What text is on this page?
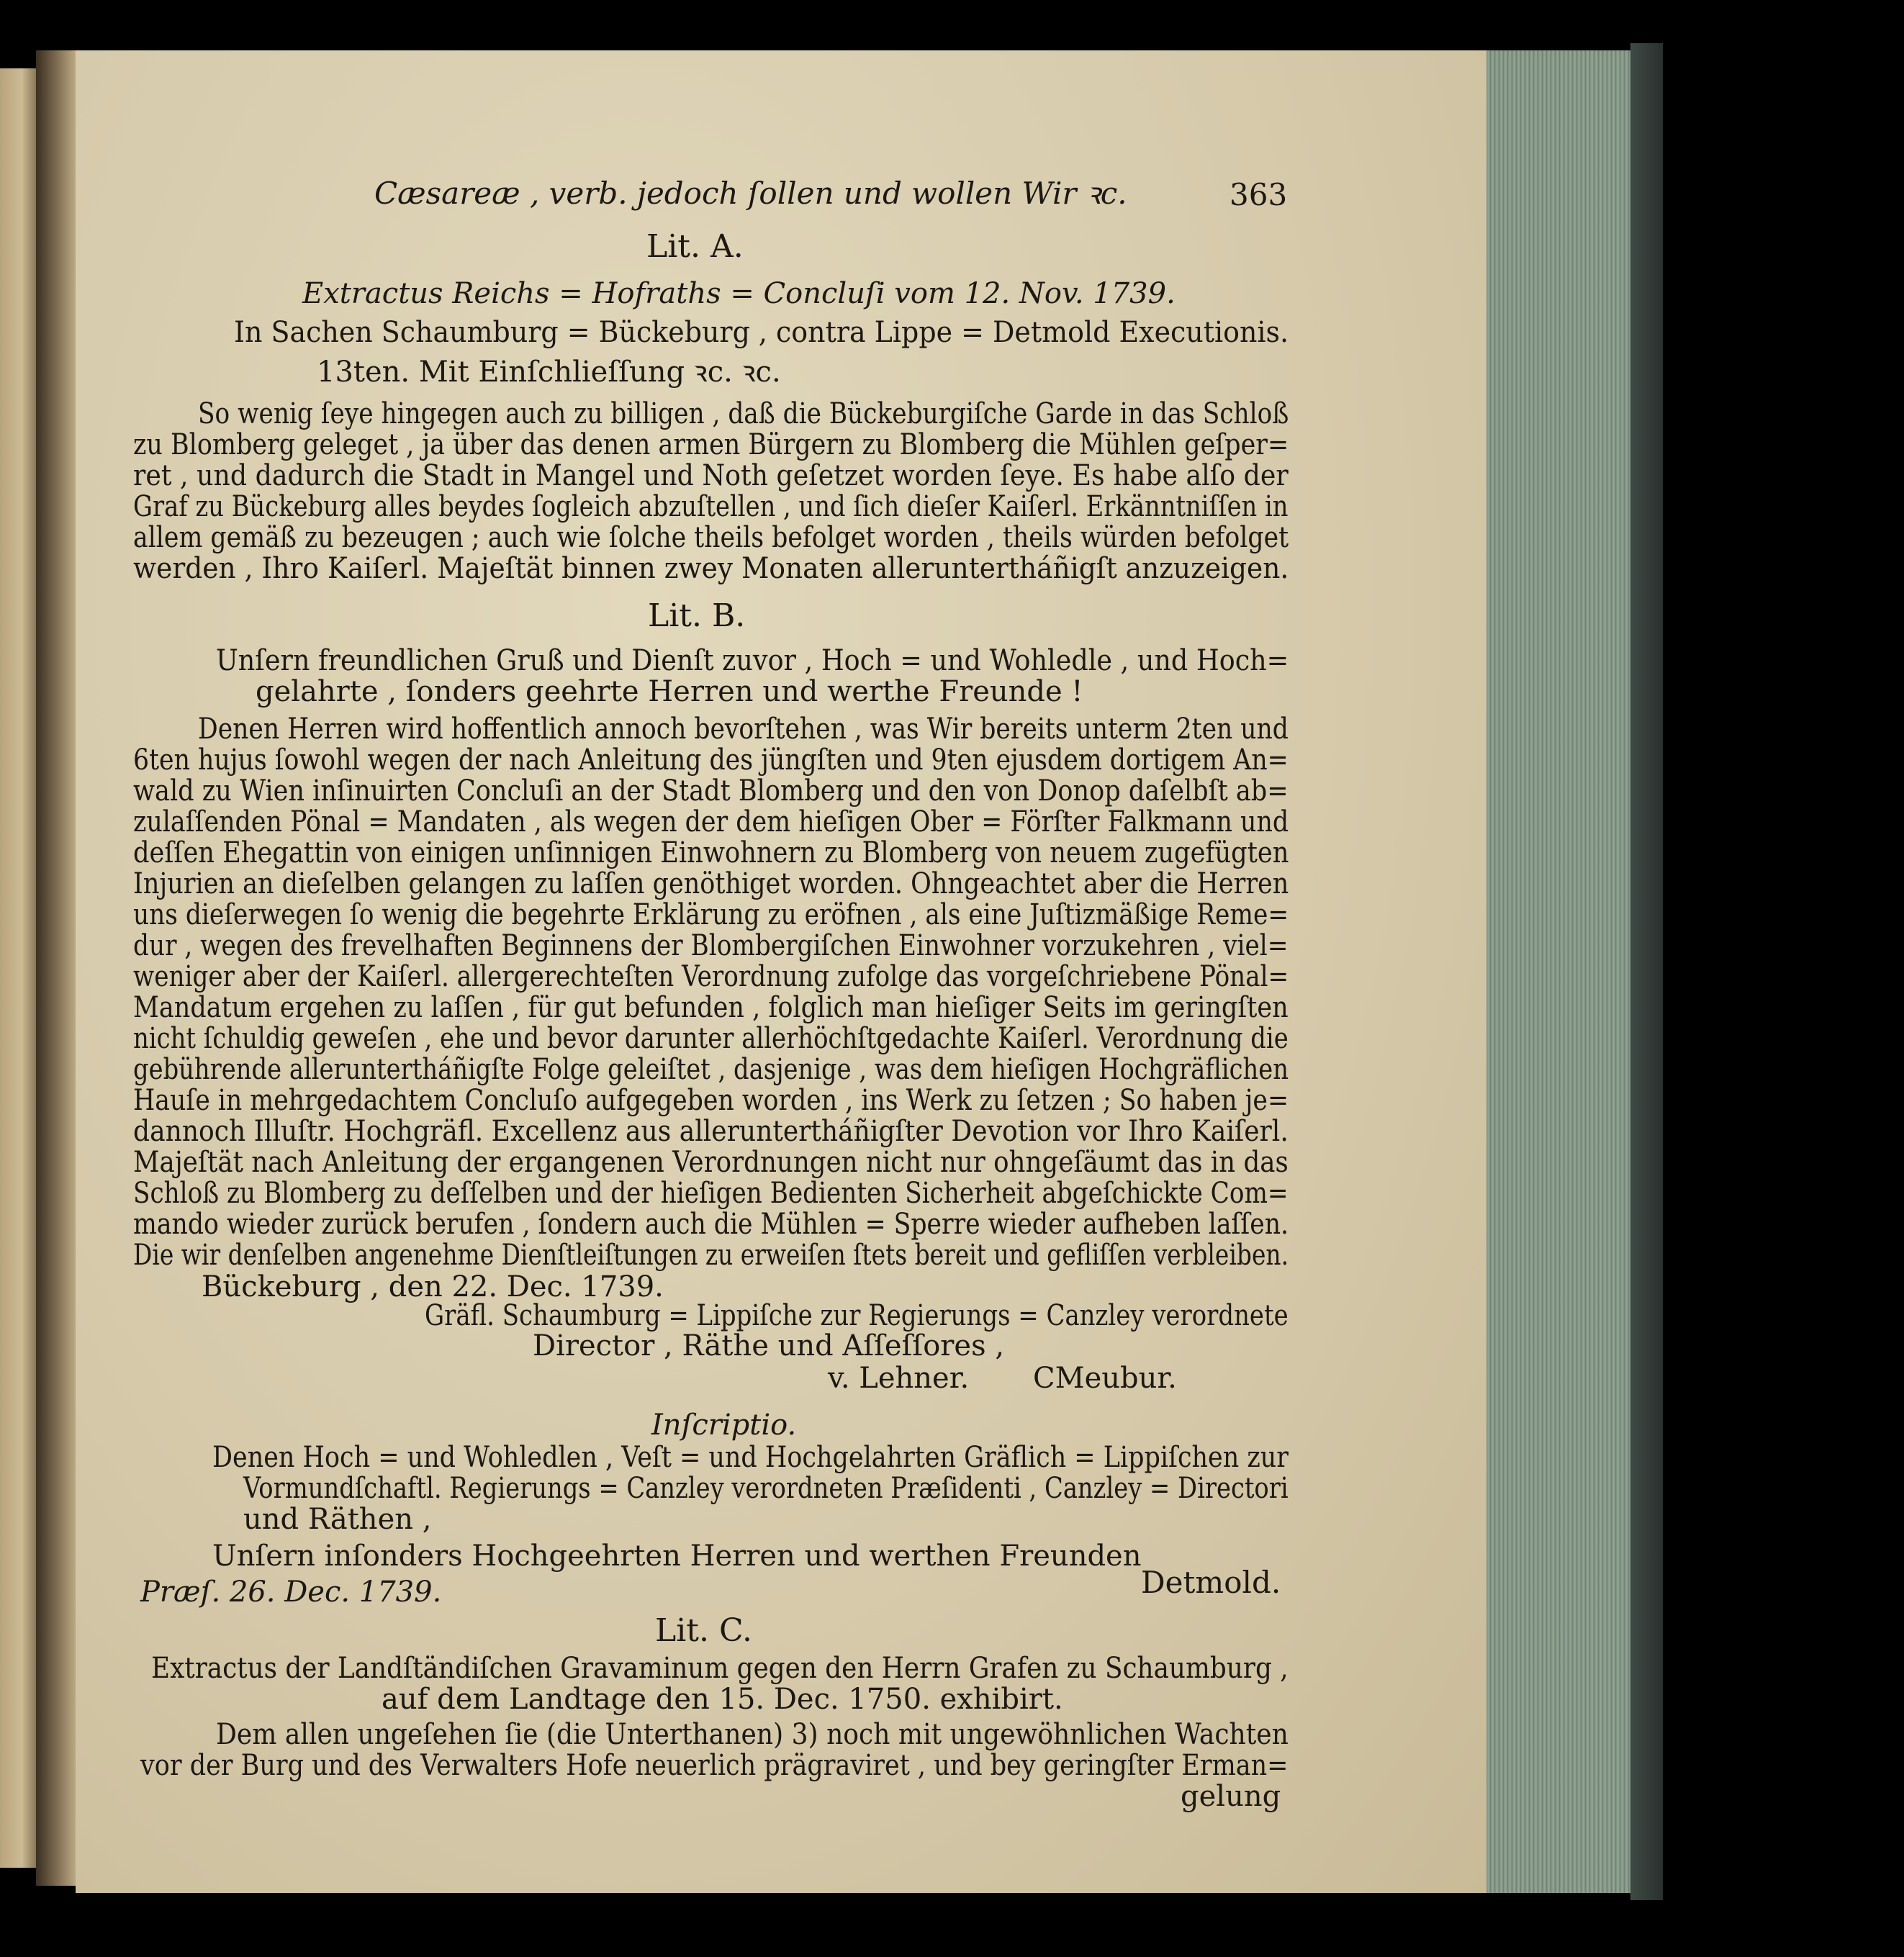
Cæsareæ , verb. jedoch ſollen und wollen Wir ꝛc.	363
Lit. A.
Extractus Reichs = Hofraths = Concluſi vom 12. Nov. 1739.
In Sachen Schaumburg = Bückeburg , contra Lippe = Detmold Executionis.
13ten. Mit Einſchlieſſung ꝛc. ꝛc.
So wenig ſeye hingegen auch zu billigen , daß die Bückeburgiſche Garde in das Schloß
zu Blomberg geleget , ja über das denen armen Bürgern zu Blomberg die Mühlen geſper=
ret , und dadurch die Stadt in Mangel und Noth geſetzet worden ſeye. Es habe alſo der
Graf zu Bückeburg alles beydes ſogleich abzuſtellen , und ſich dieſer Kaiſerl. Erkänntniſſen in
allem gemäß zu bezeugen ; auch wie ſolche theils befolget worden , theils würden befolget
werden , Ihro Kaiſerl. Majeſtät binnen zwey Monaten alleruntertháñigſt anzuzeigen.
Lit. B.
Unſern freundlichen Gruß und Dienſt zuvor , Hoch = und Wohledle , und Hoch=
gelahrte , ſonders geehrte Herren und werthe Freunde !
Denen Herren wird hoffentlich annoch bevorſtehen , was Wir bereits unterm 2ten und
6ten hujus ſowohl wegen der nach Anleitung des jüngſten und 9ten ejusdem dortigem An=
wald zu Wien inſinuirten Concluſi an der Stadt Blomberg und den von Donop daſelbſt ab=
zulaſſenden Pönal = Mandaten , als wegen der dem hieſigen Ober = Förſter Falkmann und
deſſen Ehegattin von einigen unſinnigen Einwohnern zu Blomberg von neuem zugefügten
Injurien an dieſelben gelangen zu laſſen genöthiget worden. Ohngeachtet aber die Herren
uns dieſerwegen ſo wenig die begehrte Erklärung zu eröfnen , als eine Juſtizmäßige Reme=
dur , wegen des frevelhaften Beginnens der Blombergiſchen Einwohner vorzukehren , viel=
weniger aber der Kaiſerl. allergerechteſten Verordnung zufolge das vorgeſchriebene Pönal=
Mandatum ergehen zu laſſen , für gut befunden , folglich man hieſiger Seits im geringſten
nicht ſchuldig geweſen , ehe und bevor darunter allerhöchſtgedachte Kaiſerl. Verordnung die
gebührende alleruntertháñigſte Folge geleiſtet , dasjenige , was dem hieſigen Hochgräflichen
Hauſe in mehrgedachtem Concluſo aufgegeben worden , ins Werk zu ſetzen ; So haben je=
dannoch Illuſtr. Hochgräfl. Excellenz aus alleruntertháñigſter Devotion vor Ihro Kaiſerl.
Majeſtät nach Anleitung der ergangenen Verordnungen nicht nur ohngeſäumt das in das
Schloß zu Blomberg zu deſſelben und der hieſigen Bedienten Sicherheit abgeſchickte Com=
mando wieder zurück berufen , ſondern auch die Mühlen = Sperre wieder aufheben laſſen.
Die wir denſelben angenehme Dienſtleiſtungen zu erweiſen ſtets bereit und gefliſſen verbleiben.
Bückeburg , den 22. Dec. 1739.
Gräfl. Schaumburg = Lippiſche zur Regierungs = Canzley verordnete
Director , Räthe und Aſſeſſores ,
v. Lehner. CMeubur.
Inſcriptio.
Denen Hoch = und Wohledlen , Veſt = und Hochgelahrten Gräflich = Lippiſchen zur
Vormundſchaftl. Regierungs = Canzley verordneten Præſidenti , Canzley = Directori
und Räthen ,
Unſern inſonders Hochgeehrten Herren und werthen Freunden
Præſ. 26. Dec. 1739.	Detmold.
Lit. C.
Extractus der Landſtändiſchen Gravaminum gegen den Herrn Grafen zu Schaumburg ,
auf dem Landtage den 15. Dec. 1750. exhibirt.
Dem allen ungeſehen ſie (die Unterthanen) 3) noch mit ungewöhnlichen Wachten
vor der Burg und des Verwalters Hofe neuerlich prägraviret , und bey geringſter Erman=
gelung
